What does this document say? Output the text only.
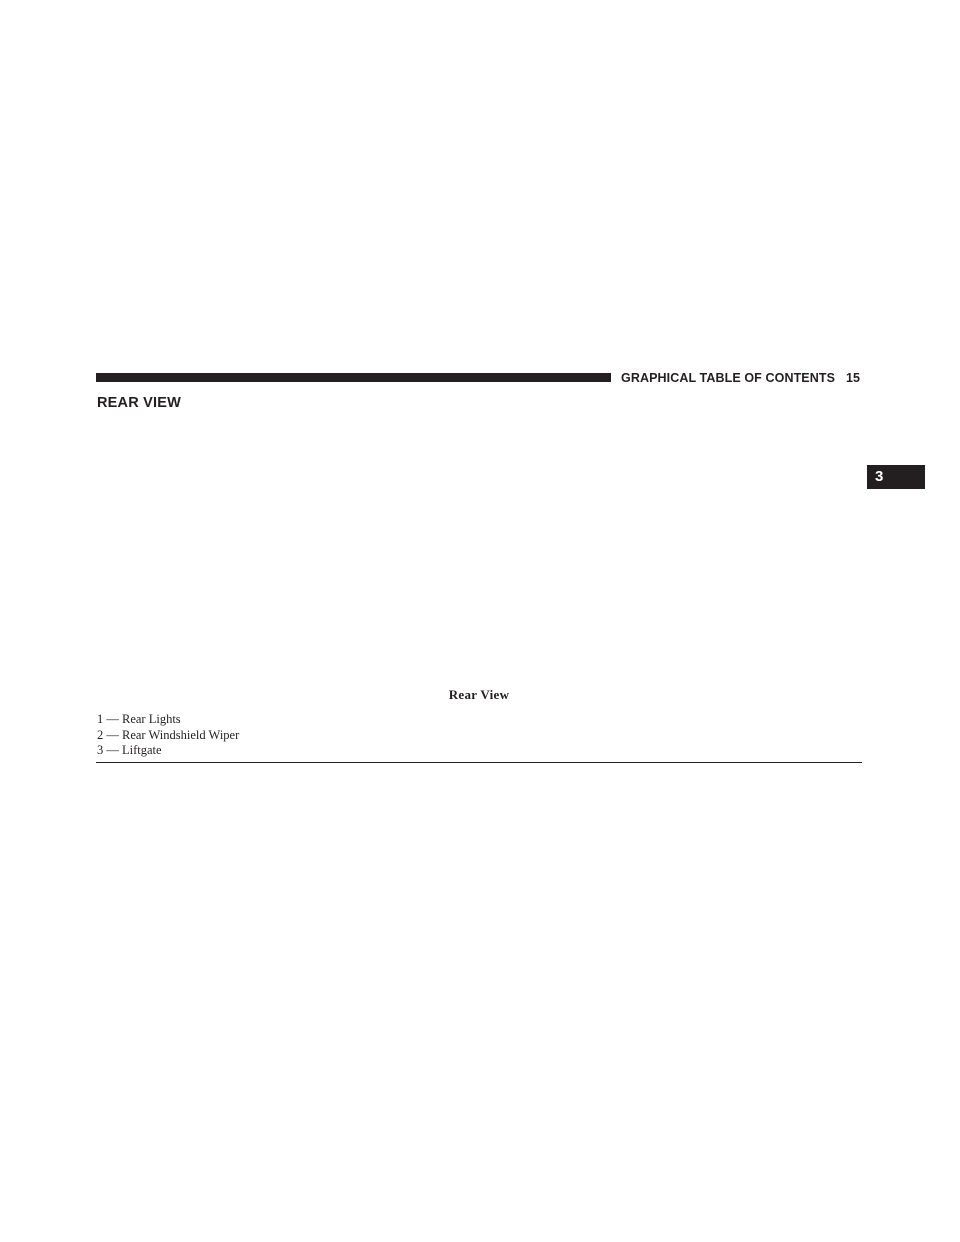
GRAPHICAL TABLE OF CONTENTS 15
REAR VIEW
3
Rear View
1 — Rear Lights
2 — Rear Windshield Wiper
3 — Liftgate
